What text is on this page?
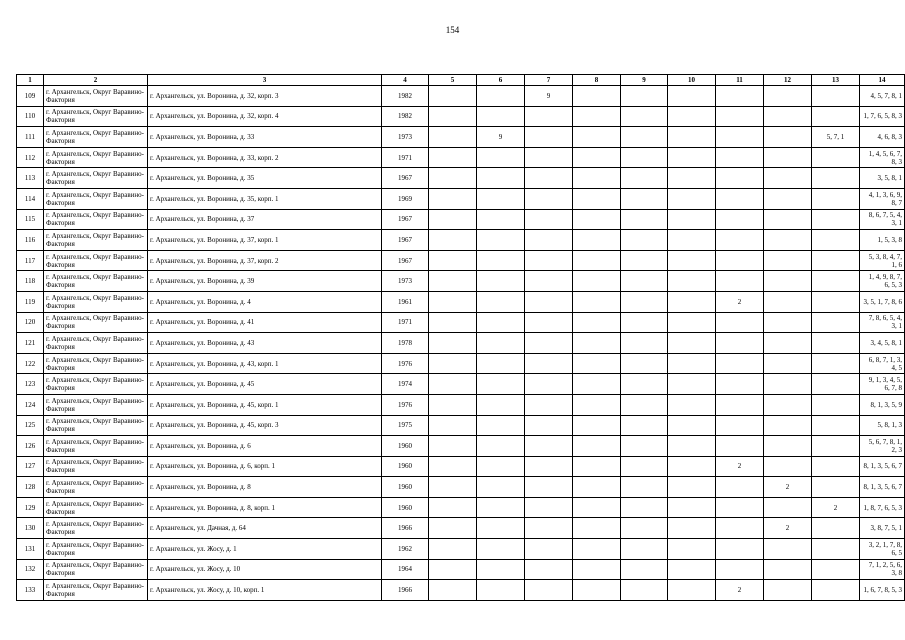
154
1	2	3	4	5	6	7	8	9	10	11	12	13	14
109	г. Архангельск, Округ Варавино-Фактория	г. Архангельск, ул. Воронина, д. 32, корп. 3	1982			9							4, 5, 7, 8, 1
110	г. Архангельск, Округ Варавино-Фактория	г. Архангельск, ул. Воронина, д. 32, корп. 4	1982										1, 7, 6, 5, 8, 3
111	г. Архангельск, Округ Варавино-Фактория	г. Архангельск, ул. Воронина, д. 33	1973		9							5, 7, 1	4, 6, 8, 3
112	г. Архангельск, Округ Варавино-Фактория	г. Архангельск, ул. Воронина, д. 33, корп. 2	1971										1, 4, 5, 6, 7, 8, 3
113	г. Архангельск, Округ Варавино-Фактория	г. Архангельск, ул. Воронина, д. 35	1967										3, 5, 8, 1
114	г. Архангельск, Округ Варавино-Фактория	г. Архангельск, ул. Воронина, д. 35, корп. 1	1969										4, 1, 3, 6, 9, 8, 7
115	г. Архангельск, Округ Варавино-Фактория	г. Архангельск, ул. Воронина, д. 37	1967										8, 6, 7, 5, 4, 3, 1
116	г. Архангельск, Округ Варавино-Фактория	г. Архангельск, ул. Воронина, д. 37, корп. 1	1967										1, 5, 3, 8
117	г. Архангельск, Округ Варавино-Фактория	г. Архангельск, ул. Воронина, д. 37, корп. 2	1967										5, 3, 8, 4, 7, 1, 6
118	г. Архангельск, Округ Варавино-Фактория	г. Архангельск, ул. Воронина, д. 39	1973										1, 4, 9, 8, 7, 6, 5, 3
119	г. Архангельск, Округ Варавино-Фактория	г. Архангельск, ул. Воронина, д. 4	1961							2			3, 5, 1, 7, 8, 6
120	г. Архангельск, Округ Варавино-Фактория	г. Архангельск, ул. Воронина, д. 41	1971										7, 8, 6, 5, 4, 3, 1
121	г. Архангельск, Округ Варавино-Фактория	г. Архангельск, ул. Воронина, д. 43	1978										3, 4, 5, 8, 1
122	г. Архангельск, Округ Варавино-Фактория	г. Архангельск, ул. Воронина, д. 43, корп. 1	1976										6, 8, 7, 1, 3, 4, 5
123	г. Архангельск, Округ Варавино-Фактория	г. Архангельск, ул. Воронина, д. 45	1974										9, 1, 3, 4, 5, 6, 7, 8
124	г. Архангельск, Округ Варавино-Фактория	г. Архангельск, ул. Воронина, д. 45, корп. 1	1976										8, 1, 3, 5, 9
125	г. Архангельск, Округ Варавино-Фактория	г. Архангельск, ул. Воронина, д. 45, корп. 3	1975										5, 8, 1, 3
126	г. Архангельск, Округ Варавино-Фактория	г. Архангельск, ул. Воронина, д. 6	1960										5, 6, 7, 8, 1, 2, 3
127	г. Архангельск, Округ Варавино-Фактория	г. Архангельск, ул. Воронина, д. 6, корп. 1	1960							2			8, 1, 3, 5, 6, 7
128	г. Архангельск, Округ Варавино-Фактория	г. Архангельск, ул. Воронина, д. 8	1960								2		8, 1, 3, 5, 6, 7
129	г. Архангельск, Округ Варавино-Фактория	г. Архангельск, ул. Воронина, д. 8, корп. 1	1960									2	1, 8, 7, 6, 5, 3
130	г. Архангельск, Округ Варавино-Фактория	г. Архангельск, ул. Дачная, д. 64	1966								2		3, 8, 7, 5, 1
131	г. Архангельск, Округ Варавино-Фактория	г. Архангельск, ул. Жосу, д. 1	1962										3, 2, 1, 7, 8, 6, 5
132	г. Архангельск, Округ Варавино-Фактория	г. Архангельск, ул. Жосу, д. 10	1964										7, 1, 2, 5, 6, 3, 8
133	г. Архангельск, Округ Варавино-Фактория	г. Архангельск, ул. Жосу, д. 10, корп. 1	1966							2			1, 6, 7, 8, 5, 3
